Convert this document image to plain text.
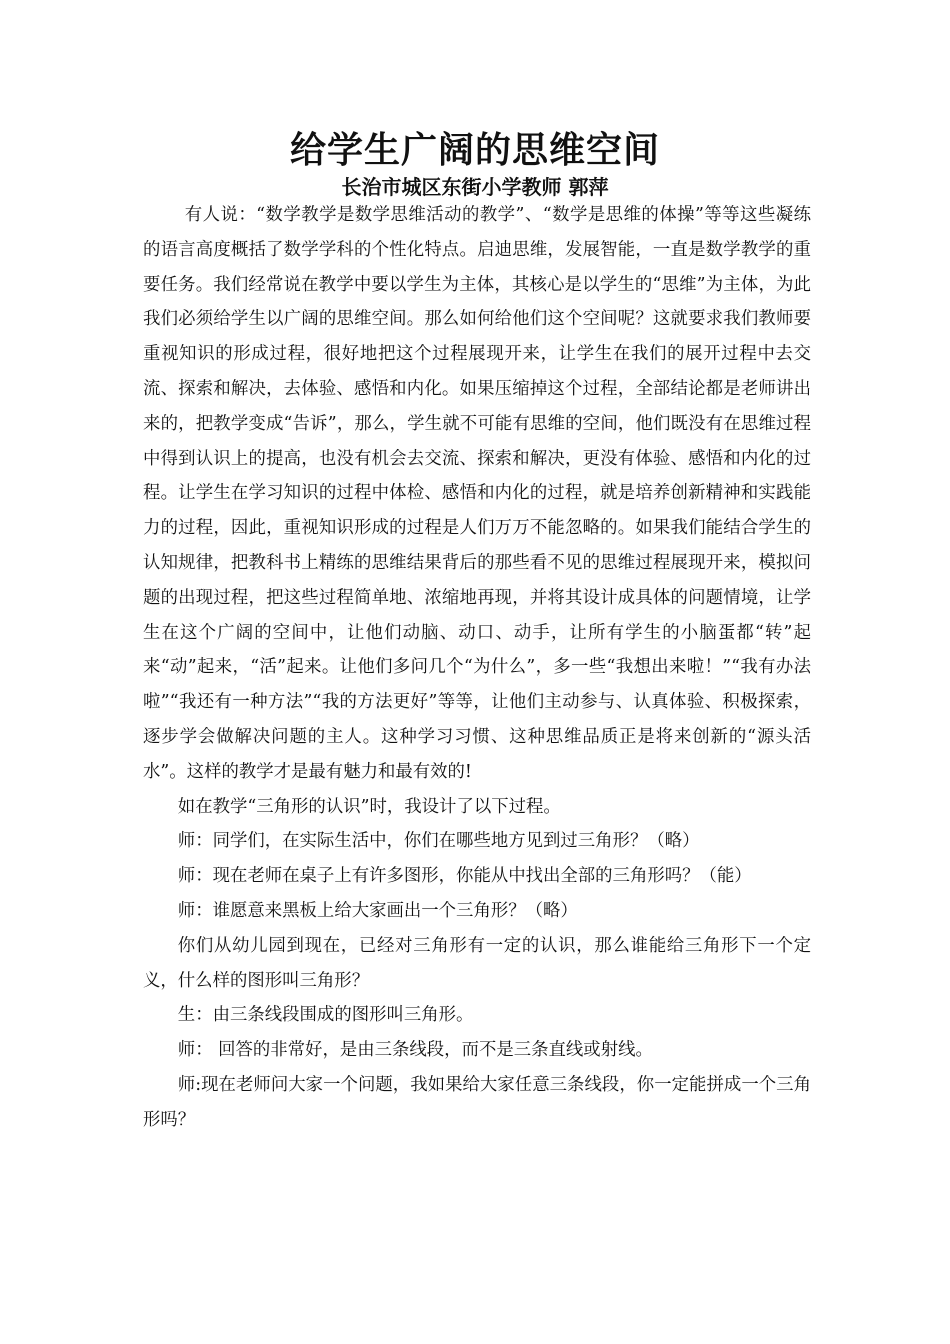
给学生广阔的思维空间
长治市城区东街小学教师 郭萍

有人说：“数学教学是数学思维活动的教学”、“数学是思维的体操”等等这些凝练的语言高度概括了数学学科的个性化特点。启迪思维，发展智能，一直是数学教学的重要任务。我们经常说在教学中要以学生为主体，其核心是以学生的“思维”为主体，为此我们必须给学生以广阔的思维空间。那么如何给他们这个空间呢？这就要求我们教师要重视知识的形成过程，很好地把这个过程展现开来，让学生在我们的展开过程中去交流、探索和解决，去体验、感悟和内化。如果压缩掉这个过程，全部结论都是老师讲出来的，把教学变成“告诉”，那么，学生就不可能有思维的空间，他们既没有在思维过程中得到认识上的提高，也没有机会去交流、探索和解决，更没有体验、感悟和内化的过程。让学生在学习知识的过程中体检、感悟和内化的过程，就是培养创新精神和实践能力的过程，因此，重视知识形成的过程是人们万万不能忽略的。如果我们能结合学生的认知规律，把教科书上精练的思维结果背后的那些看不见的思维过程展现开来，模拟问题的出现过程，把这些过程简单地、浓缩地再现，并将其设计成具体的问题情境，让学生在这个广阔的空间中，让他们动脑、动口、动手，让所有学生的小脑蛋都“转”起来“动”起来，“活”起来。让他们多问几个“为什么”，多一些“我想出来啦！”“我有办法啦”“我还有一种方法”“我的方法更好”等等，让他们主动参与、认真体验、积极探索，逐步学会做解决问题的主人。这种学习习惯、这种思维品质正是将来创新的“源头活水”。这样的教学才是最有魅力和最有效的!

如在教学“三角形的认识”时，我设计了以下过程。

师：同学们，在实际生活中，你们在哪些地方见到过三角形？（略）

师：现在老师在桌子上有许多图形，你能从中找出全部的三角形吗？（能）

师：谁愿意来黑板上给大家画出一个三角形？（略）

你们从幼儿园到现在，已经对三角形有一定的认识，那么谁能给三角形下一个定义，什么样的图形叫三角形？

生：由三条线段围成的图形叫三角形。

师： 回答的非常好，是由三条线段，而不是三条直线或射线。

师:现在老师问大家一个问题，我如果给大家任意三条线段，你一定能拼成一个三角形吗？
